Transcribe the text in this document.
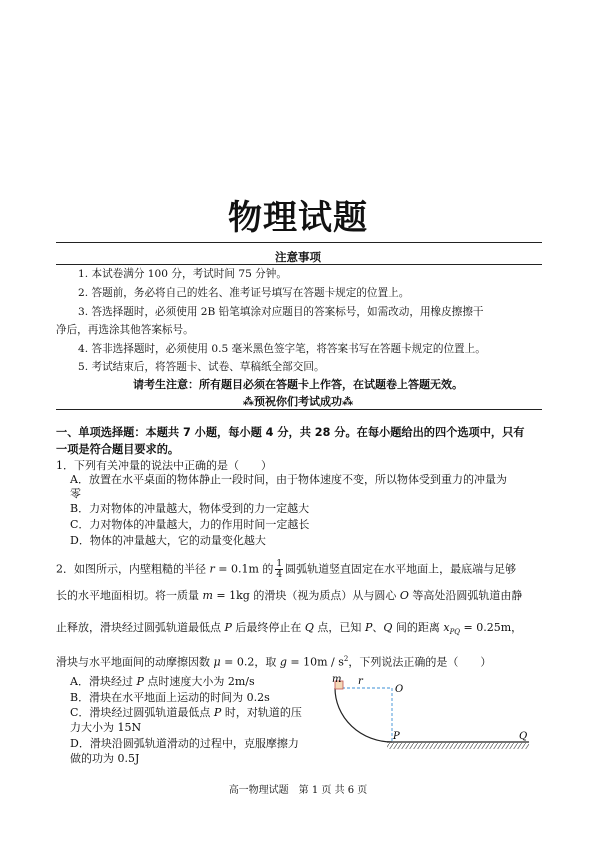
物理试题
注意事项
1. 本试卷满分 100 分，考试时间 75 分钟。
2. 答题前，务必将自己的姓名、准考证号填写在答题卡规定的位置上。
3. 答选择题时，必须使用 2B 铅笔填涂对应题目的答案标号，如需改动，用橡皮擦擦干
净后，再选涂其他答案标号。
4. 答非选择题时，必须使用 0.5 毫米黑色签字笔，将答案书写在答题卡规定的位置上。
5. 考试结束后，将答题卡、试卷、草稿纸全部交回。
请考生注意：所有题目必须在答题卡上作答，在试题卷上答题无效。
⁂预祝你们考试成功⁂
一、单项选择题：本题共 7 小题，每小题 4 分，共 28 分。在每小题给出的四个选项中，只有
一项是符合题目要求的。
1．下列有关冲量的说法中正确的是（　　）
A．放置在水平桌面的物体静止一段时间，由于物体速度不变，所以物体受到重力的冲量为
零
B．力对物体的冲量越大，物体受到的力一定越大
C．力对物体的冲量越大，力的作用时间一定越长
D．物体的冲量越大，它的动量变化越大
2．如图所示，内壁粗糙的半径 r = 0.1m 的 $\frac{1}{4}$ 圆弧轨道竖直固定在水平地面上，最底端与足够
长的水平地面相切。将一质量 m = 1kg 的滑块（视为质点）从与圆心 O 等高处沿圆弧轨道由静
止释放，滑块经过圆弧轨道最低点 P 后最终停止在 Q 点，已知 P、Q 间的距离 $x_{PQ} = 0.25m$，
滑块与水平地面间的动摩擦因数 μ = 0.2，取 $g = 10m / s^2$，下列说法正确的是（　　）
A．滑块经过 P 点时速度大小为 2m/s
B．滑块在水平地面上运动的时间为 0.2s
C．滑块经过圆弧轨道最低点 P 时，对轨道的压
力大小为 15N
D．滑块沿圆弧轨道滑动的过程中，克服摩擦力
做的功为 0.5J
m r
O
P	Q
高一物理试题　第 1 页 共 6 页
